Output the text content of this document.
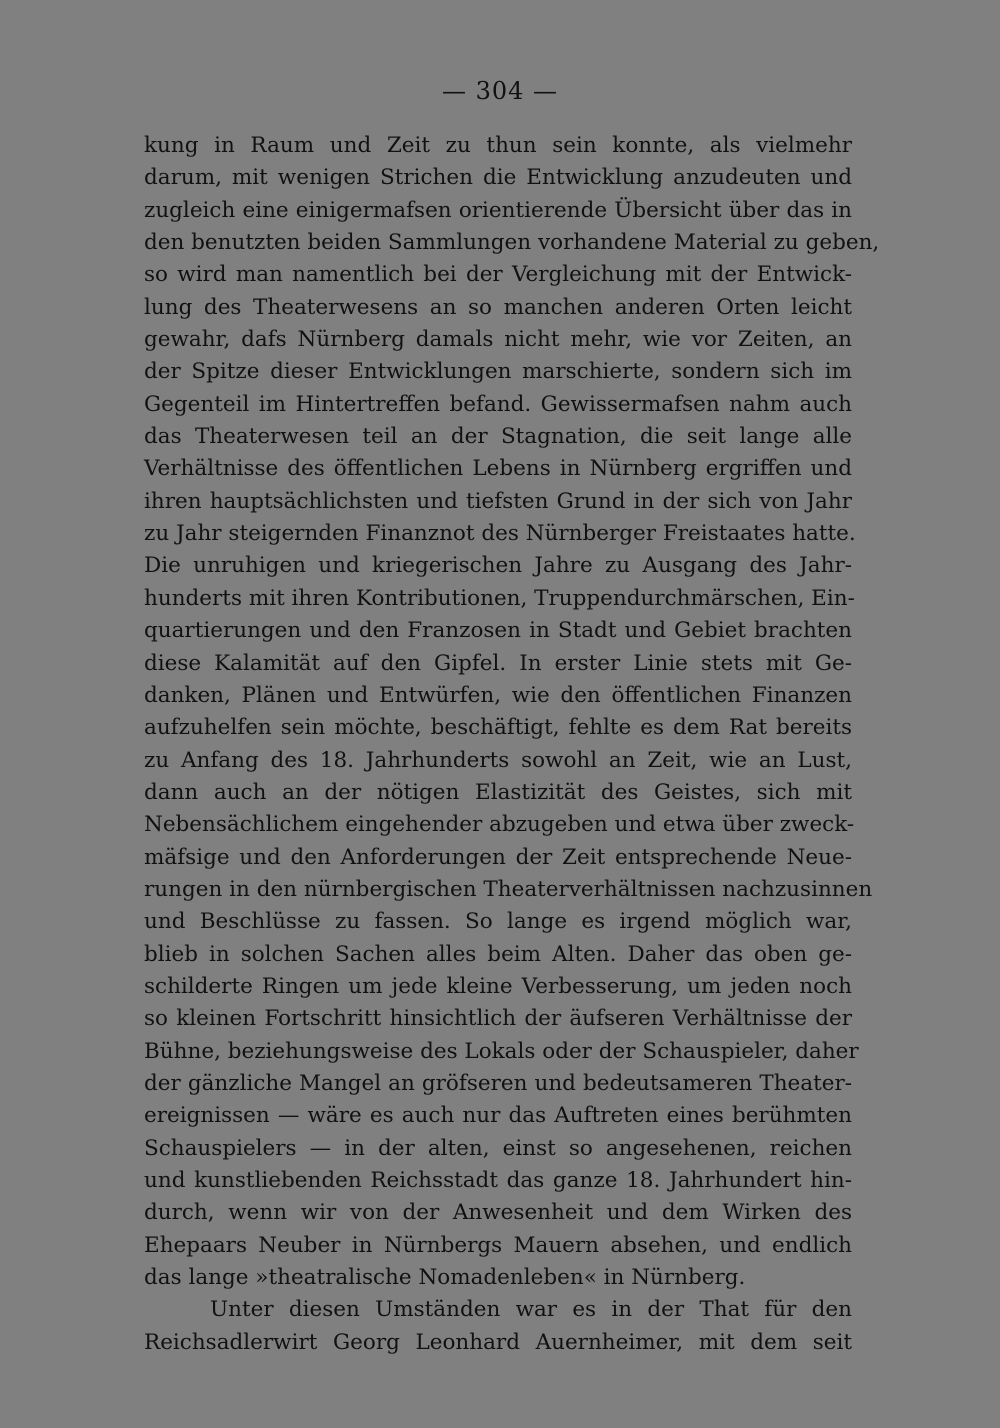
— 304 —
kung in Raum und Zeit zu thun sein konnte, als vielmehr
darum, mit wenigen Strichen die Entwicklung anzudeuten und
zugleich eine einigermafsen orientierende Übersicht über das in
den benutzten beiden Sammlungen vorhandene Material zu geben,
so wird man namentlich bei der Vergleichung mit der Entwick-
lung des Theaterwesens an so manchen anderen Orten leicht
gewahr, dafs Nürnberg damals nicht mehr, wie vor Zeiten, an
der Spitze dieser Entwicklungen marschierte, sondern sich im
Gegenteil im Hintertreffen befand. Gewissermafsen nahm auch
das Theaterwesen teil an der Stagnation, die seit lange alle
Verhältnisse des öffentlichen Lebens in Nürnberg ergriffen und
ihren hauptsächlichsten und tiefsten Grund in der sich von Jahr
zu Jahr steigernden Finanznot des Nürnberger Freistaates hatte.
Die unruhigen und kriegerischen Jahre zu Ausgang des Jahr-
hunderts mit ihren Kontributionen, Truppendurchmärschen, Ein-
quartierungen und den Franzosen in Stadt und Gebiet brachten
diese Kalamität auf den Gipfel. In erster Linie stets mit Ge-
danken, Plänen und Entwürfen, wie den öffentlichen Finanzen
aufzuhelfen sein möchte, beschäftigt, fehlte es dem Rat bereits
zu Anfang des 18. Jahrhunderts sowohl an Zeit, wie an Lust,
dann auch an der nötigen Elastizität des Geistes, sich mit
Nebensächlichem eingehender abzugeben und etwa über zweck-
mäfsige und den Anforderungen der Zeit entsprechende Neue-
rungen in den nürnbergischen Theaterverhältnissen nachzusinnen
und Beschlüsse zu fassen. So lange es irgend möglich war,
blieb in solchen Sachen alles beim Alten. Daher das oben ge-
schilderte Ringen um jede kleine Verbesserung, um jeden noch
so kleinen Fortschritt hinsichtlich der äufseren Verhältnisse der
Bühne, beziehungsweise des Lokals oder der Schauspieler, daher
der gänzliche Mangel an gröfseren und bedeutsameren Theater-
ereignissen — wäre es auch nur das Auftreten eines berühmten
Schauspielers — in der alten, einst so angesehenen, reichen
und kunstliebenden Reichsstadt das ganze 18. Jahrhundert hin-
durch, wenn wir von der Anwesenheit und dem Wirken des
Ehepaars Neuber in Nürnbergs Mauern absehen, und endlich
das lange »theatralische Nomadenleben« in Nürnberg.
Unter diesen Umständen war es in der That für den
Reichsadlerwirt Georg Leonhard Auernheimer, mit dem seit
